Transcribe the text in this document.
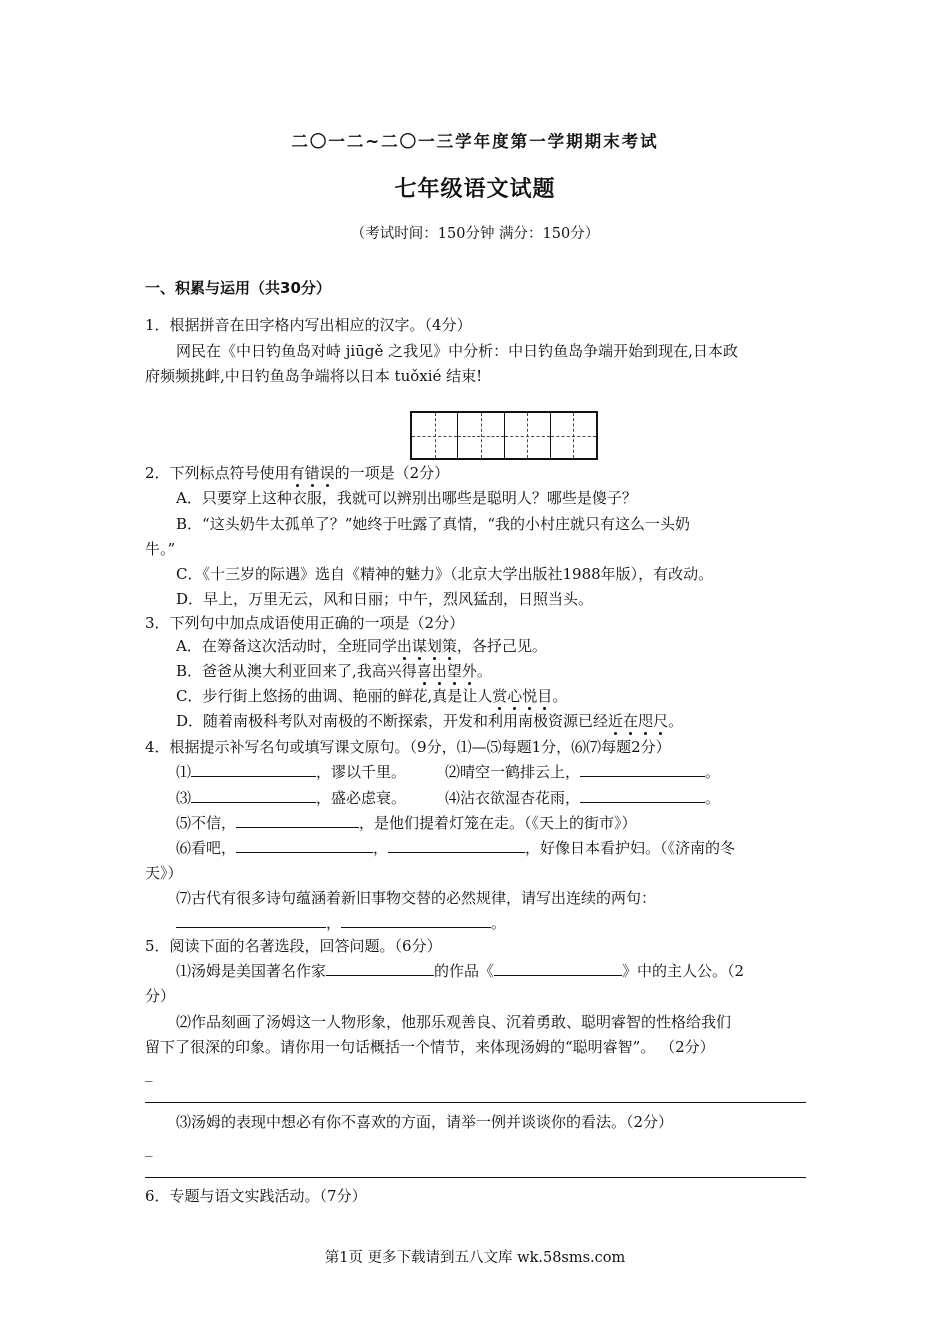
二〇一二~二〇一三学年度第一学期期末考试
七年级语文试题
（考试时间：150分钟 满分：150分）
一、积累与运用（共30分）
1．根据拼音在田字格内写出相应的汉字。（4分）
网民在《中日钓鱼岛对峙 jiūgě 之我见》中分析：中日钓鱼岛争端开始到现在,日本政
府频频挑衅,中日钓鱼岛争端将以日本 tuǒxié 结束!
2．下列标点符号使用有错误的一项是（2分）
A．只要穿上这种衣服，我就可以辨别出哪些是聪明人？哪些是傻子？
B．“这头奶牛太孤单了？”她终于吐露了真情，“我的小村庄就只有这么一头奶
牛。”
C．《十三岁的际遇》选自《精神的魅力》（北京大学出版社1988年版），有改动。
D．早上，万里无云，风和日丽；中午，烈风猛刮，日照当头。
3．下列句中加点成语使用正确的一项是（2分）
A．在筹备这次活动时，全班同学出谋划策，各抒己见。
B．爸爸从澳大利亚回来了,我高兴得喜出望外。
C．步行街上悠扬的曲调、艳丽的鲜花,真是让人赏心悦目。
D．随着南极科考队对南极的不断探索，开发和利用南极资源已经近在咫尺。
4．根据提示补写名句或填写课文原句。（9分，⑴—⑸每题1分，⑹⑺每题2分）
⑴	，谬以千里。	⑵晴空一鹤排云上，	。
⑶	，盛必虑衰。	⑷沾衣欲湿杏花雨，	。
⑸不信，	，是他们提着灯笼在走。（《天上的街市》）
⑹看吧，	，	，好像日本看护妇。（《济南的冬
天》）
⑺古代有很多诗句蕴涵着新旧事物交替的必然规律，请写出连续的两句：
，	。
5．阅读下面的名著选段，回答问题。（6分）
⑴汤姆是美国著名作家	的作品《	》中的主人公。（2
分）
⑵作品刻画了汤姆这一人物形象，他那乐观善良、沉着勇敢、聪明睿智的性格给我们
留下了很深的印象。请你用一句话概括一个情节，来体现汤姆的“聪明睿智”。 （2分）
_
⑶汤姆的表现中想必有你不喜欢的方面，请举一例并谈谈你的看法。（2分）
_
6．专题与语文实践活动。（7分）
第1页 更多下载请到五八文库 wk.58sms.com
